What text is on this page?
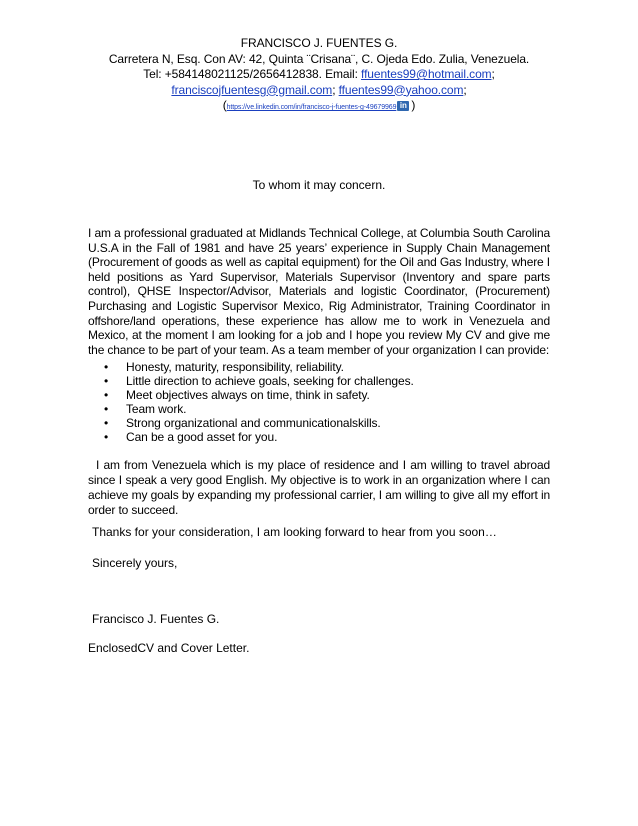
FRANCISCO J. FUENTES G.
Carretera N, Esq. Con AV: 42, Quinta ¨Crisana¨, C. Ojeda Edo. Zulia, Venezuela.
Tel: +584148021125/2656412838. Email: ffuentes99@hotmail.com;
franciscojfuentesg@gmail.com; ffuentes99@yahoo.com;
(https://ve.linkedin.com/in/francisco-j-fuentes-g-49679969 in )
To whom it may concern.
I am a professional graduated at Midlands Technical College, at Columbia South Carolina U.S.A in the Fall of 1981 and have 25 years’ experience in Supply Chain Management (Procurement of goods as well as capital equipment) for the Oil and Gas Industry, where I held positions as Yard Supervisor, Materials Supervisor (Inventory and spare parts control), QHSE Inspector/Advisor, Materials and logistic Coordinator, (Procurement) Purchasing and Logistic Supervisor Mexico, Rig Administrator, Training Coordinator in offshore/land operations, these experience has allow me to work in Venezuela and Mexico, at the moment I am looking for a job and I hope you review My CV and give me the chance to be part of your team. As a team member of your organization I can provide:
• Honesty, maturity, responsibility, reliability.
• Little direction to achieve goals, seeking for challenges.
• Meet objectives always on time, think in safety.
• Team work.
• Strong organizational and communicationalskills.
• Can be a good asset for you.
I am from Venezuela which is my place of residence and I am willing to travel abroad since I speak a very good English. My objective is to work in an organization where I can achieve my goals by expanding my professional carrier, I am willing to give all my effort in order to succeed.
Thanks for your consideration, I am looking forward to hear from you soon…
Sincerely yours,
Francisco J. Fuentes G.
EnclosedCV and Cover Letter.
